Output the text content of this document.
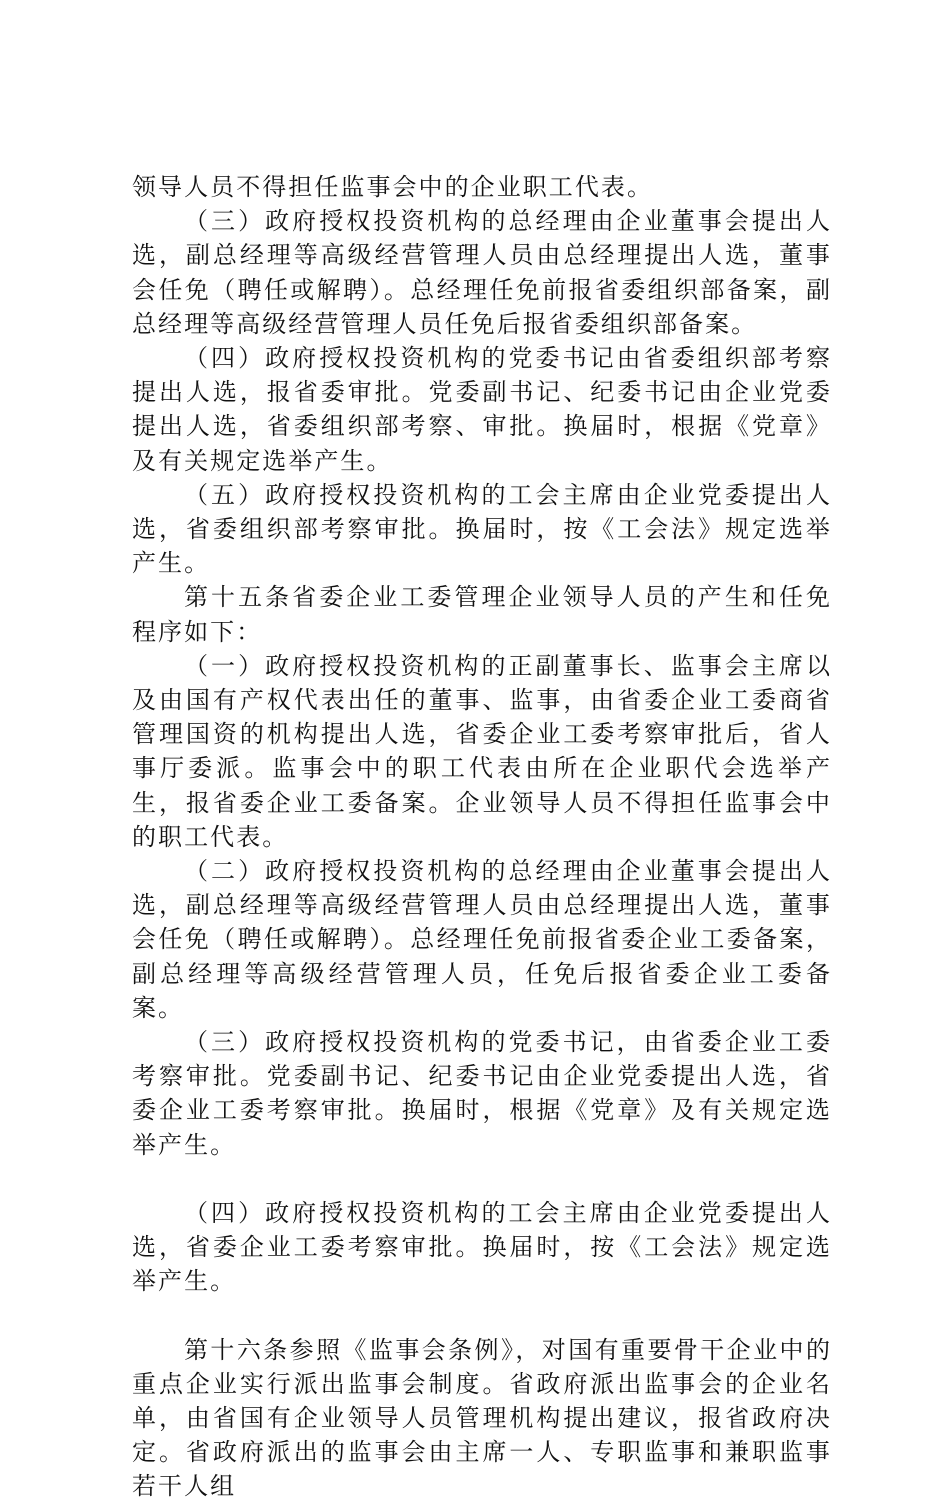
领导人员不得担任监事会中的企业职工代表。

（三）政府授权投资机构的总经理由企业董事会提出人选，副总经理等高级经营管理人员由总经理提出人选，董事会任免（聘任或解聘）。总经理任免前报省委组织部备案，副总经理等高级经营管理人员任免后报省委组织部备案。

（四）政府授权投资机构的党委书记由省委组织部考察提出人选，报省委审批。党委副书记、纪委书记由企业党委提出人选，省委组织部考察、审批。换届时，根据《党章》及有关规定选举产生。

（五）政府授权投资机构的工会主席由企业党委提出人选，省委组织部考察审批。换届时，按《工会法》规定选举产生。

第十五条省委企业工委管理企业领导人员的产生和任免程序如下：

（一）政府授权投资机构的正副董事长、监事会主席以及由国有产权代表出任的董事、监事，由省委企业工委商省管理国资的机构提出人选，省委企业工委考察审批后，省人事厅委派。监事会中的职工代表由所在企业职代会选举产生，报省委企业工委备案。企业领导人员不得担任监事会中的职工代表。

（二）政府授权投资机构的总经理由企业董事会提出人选，副总经理等高级经营管理人员由总经理提出人选，董事会任免（聘任或解聘）。总经理任免前报省委企业工委备案，副总经理等高级经营管理人员，任免后报省委企业工委备案。

（三）政府授权投资机构的党委书记，由省委企业工委考察审批。党委副书记、纪委书记由企业党委提出人选，省委企业工委考察审批。换届时，根据《党章》及有关规定选举产生。

（四）政府授权投资机构的工会主席由企业党委提出人选，省委企业工委考察审批。换届时，按《工会法》规定选举产生。

第十六条参照《监事会条例》，对国有重要骨干企业中的重点企业实行派出监事会制度。省政府派出监事会的企业名单，由省国有企业领导人员管理机构提出建议，报省政府决定。省政府派出的监事会由主席一人、专职监事和兼职监事若干人组
